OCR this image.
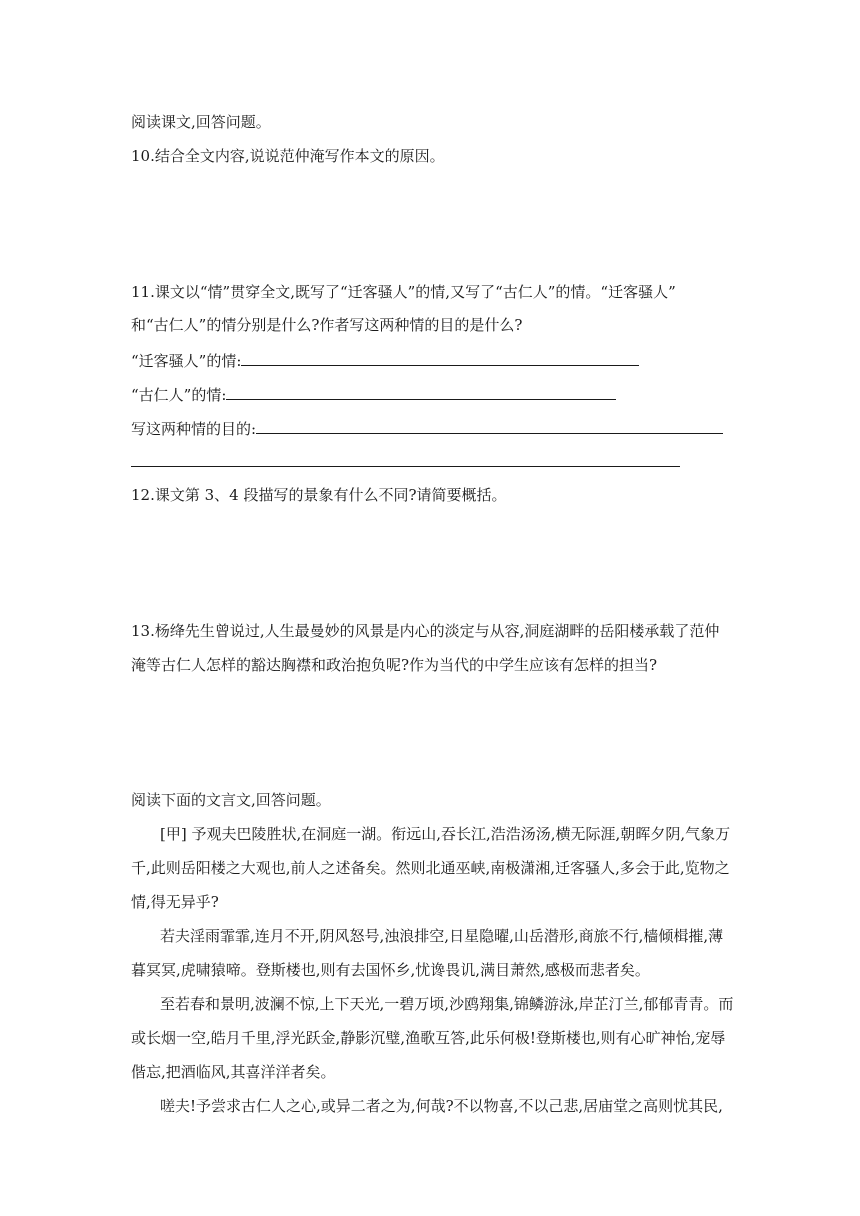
阅读课文,回答问题。
10.结合全文内容,说说范仲淹写作本文的原因。
11.课文以“情”贯穿全文,既写了“迁客骚人”的情,又写了“古仁人”的情。“迁客骚人”
和“古仁人”的情分别是什么?作者写这两种情的目的是什么?
“迁客骚人”的情:
“古仁人”的情:
写这两种情的目的:
12.课文第 3、4 段描写的景象有什么不同?请简要概括。
13.杨绛先生曾说过,人生最曼妙的风景是内心的淡定与从容,洞庭湖畔的岳阳楼承载了范仲
淹等古仁人怎样的豁达胸襟和政治抱负呢?作为当代的中学生应该有怎样的担当?
阅读下面的文言文,回答问题。
[甲] 予观夫巴陵胜状,在洞庭一湖。衔远山,吞长江,浩浩汤汤,横无际涯,朝晖夕阴,气象万
千,此则岳阳楼之大观也,前人之述备矣。然则北通巫峡,南极潇湘,迁客骚人,多会于此,览物之
情,得无异乎?
若夫淫雨霏霏,连月不开,阴风怒号,浊浪排空,日星隐曜,山岳潜形,商旅不行,樯倾楫摧,薄
暮冥冥,虎啸猿啼。登斯楼也,则有去国怀乡,忧谗畏讥,满目萧然,感极而悲者矣。
至若春和景明,波澜不惊,上下天光,一碧万顷,沙鸥翔集,锦鳞游泳,岸芷汀兰,郁郁青青。而
或长烟一空,皓月千里,浮光跃金,静影沉璧,渔歌互答,此乐何极!登斯楼也,则有心旷神怡,宠辱
偕忘,把酒临风,其喜洋洋者矣。
嗟夫!予尝求古仁人之心,或异二者之为,何哉?不以物喜,不以己悲,居庙堂之高则忧其民,
